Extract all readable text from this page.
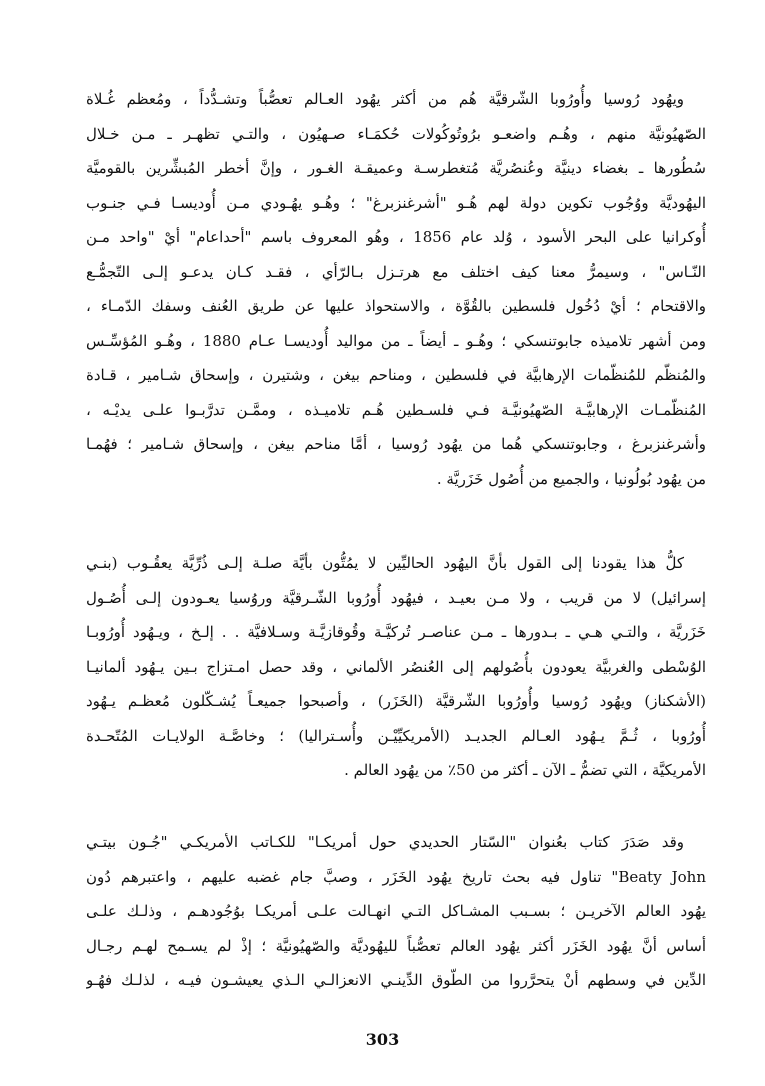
ويهُود رُوسيا وأُورُوبا الشّرقيَّة هُم من أكثر يهُود العـالم تعصُّباً وتشـدُّداً ، ومُعظم غُـلاة
الصّهيُونيَّة منهم ، وهُـم واضعـو برُوتُوكُولات حُكمَـاء صـهيُون ، والتـي تظهـر ـ مـن خـلال
سُطُورها ـ بغضاء دينيَّة وعُنصُريَّة مُتغطرسـة وعميقـة الغـور ، وإنَّ أخطر المُبشِّرين بالقوميَّة
اليهُوديَّة ووُجُوب تكوين دولة لهم هُـو "أشرغنزبرغ" ؛ وهُـو يهُـودي مـن أُوديسـا فـي جنـوب
أُوكرانيا على البحر الأسود ، وُلد عام 1856 ، وهُو المعروف باسم "أحداعام" أيْ "واحد مـن
النّـاس" ، وسيمرُّ معنا كيف اختلف مع هرتـزل بـالرّأي ، فقـد كـان يدعـو إلـى التّجمُّـع
والاقتحام ؛ أيْ دُخُول فلسطين بالقُوَّة ، والاستحواذ عليها عن طريق العُنف وسفك الدّمـاء ،
ومن أشهر تلاميذه جابوتنسكي ؛ وهُـو ـ أيضاً ـ من مواليد أُوديسـا عـام 1880 ، وهُـو المُؤسِّـس
والمُنظّم للمُنظّمات الإرهابيَّة في فلسطين ، ومناحم بيغن ، وشتيرن ، وإسحاق شـامير ، قـادة
المُنظّمـات الإرهابيَّـة الصّهيُونيَّـة فـي فلسـطين هُـم تلاميـذه ، وممَّـن تدرَّبـوا علـى يديْـه ،
وأشرغنزبرغ ، وجابوتنسكي هُما من يهُود رُوسيا ، أمَّا مناحم بيغن ، وإسحاق شـامير ؛ فهُمـا
من يهُود بُولُونيا ، والجميع من أُصُول خَزَريَّة .
كلُّ هذا يقودنا إلى القول بأنَّ اليهُود الحاليِّين لا يمُتُّون بأيَّة صلـة إلـى ذُرِّيَّة يعقُـوب (بنـي
إسرائيل) لا من قريب ، ولا مـن بعيـد ، فيهُود أُورُوبا الشّـرقيَّة وروُسيا يعـودون إلـى أُصُـول
خَزَريَّة ، والتـي هـي ـ بـدورها ـ مـن عناصـر تُركيَّـة وقُوقازيَّـة وسـلافيَّة . . إلـخ ، ويـهُود أُورُوبـا
الوُسْطى والغربيَّة يعودون بأُصُولهم إلى العُنصُر الألماني ، وقد حصل امـتزاج بـين يـهُود ألمانيـا
(الأشكناز) ويهُود رُوسيا وأُورُوبا الشّرقيَّة (الخَزَر) ، وأصبحوا جميعـاً يُشـكّلون مُعظـم يـهُود
أُورُوبا ، ثُـمَّ يـهُود العـالم الجديـد (الأمريكيِّيْـن وأُسـتراليا) ؛ وخاصَّـة الولايـات المُتّحـدة
الأمريكيَّة ، التي تضمُّ ـ الآن ـ أكثر من 50٪ من يهُود العالم .
وقد صَدَرَ كتاب بعُنوان "السّتار الحديدي حول أمريكـا" للكـاتب الأمريكـي "جُـون بيتـي
Beaty John" تناول فيه بحث تاريخ يهُود الخَزَر ، وصبَّ جام غضبه عليهم ، واعتبرهم دُون
يهُود العالم الآخريـن ؛ بسـبب المشـاكل التـي انهـالت علـى أمريكـا بوُجُودهـم ، وذلـك علـى
أساس أنَّ يهُود الخَزَر أكثر يهُود العالم تعصُّباً لليهُوديَّة والصّهيُونيَّة ؛ إذْ لم يسـمح لهـم رجـال
الدِّين في وسطهم أنْ يتحرَّروا من الطّوق الدِّينـي الانعزالـي الـذي يعيشـون فيـه ، لذلـك فهُـو
303
